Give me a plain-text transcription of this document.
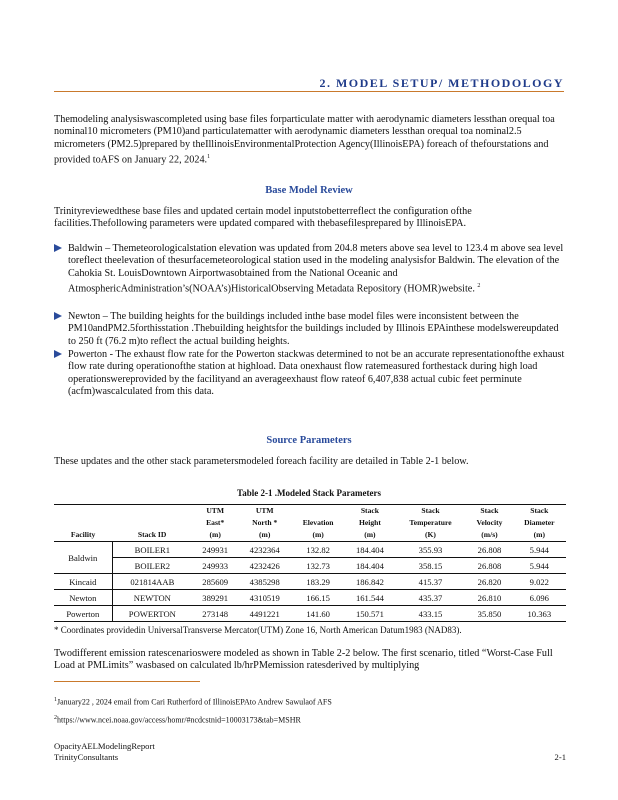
2. MODEL SETUP/ METHODOLOGY
Themodeling analysiswascompleted using base files forparticulate matter with aerodynamic diameters lessthan orequal toa nominal10 micrometers (PM10)and particulatematter with aerodynamic diameters lessthan orequal toa nominal2.5 micrometers (PM2.5)prepared by theIllinoisEnvironmentalProtection Agency(IllinoisEPA) foreach of thefourstations and provided toAFS on January 22, 2024.$^1$
Base Model Review
Trinityreviewedthese base files and updated certain model inputstobetterreflect the configuration ofthe facilities.Thefollowing parameters were updated compared with thebasefilesprepared by IllinoisEPA.
Baldwin – Themeteorologicalstation elevation was updated from 204.8 meters above sea level to 123.4 m above sea level toreflect theelevation of thesurfacemeteorological station used in the modeling analysisfor Baldwin. The elevation of the Cahokia St. LouisDowntown Airportwasobtained from the National Oceanic and AtmosphericAdministration’s(NOAA’s)HistoricalObserving Metadata Repository (HOMR)website. $^2$
Newton – The building heights for the buildings included inthe base model files were inconsistent between the PM10andPM2.5forthisstation .Thebuilding heightsfor the buildings included by Illinois EPAinthese modelswereupdated to 250 ft (76.2 m)to reflect the actual building heights.
Powerton - The exhaust flow rate for the Powerton stackwas determined to not be an accurate representationofthe exhaust flow rate during operationofthe station at highload. Data onexhaust flow ratemeasured forthestack during high load operationswereprovided by the facilityand an averageexhaust flow rateof 6,407,838 actual cubic feet perminute (acfm)wascalculated from this data.
Source Parameters
These updates and the other stack parametersmodeled foreach facility are detailed in Table 2-1 below.
Table 2-1 .Modeled Stack Parameters
		UTM	UTM		Stack	Stack	Stack	Stack
		East*	North *	Elevation	Height	Temperature	Velocity	Diameter
Facility	Stack ID	(m)	(m)	(m)	(m)	(K)	(m/s)	(m)
Baldwin	BOILER1	249931	4232364	132.82	184.404	355.93	26.808	5.944
	BOILER2	249933	4232426	132.73	184.404	358.15	26.808	5.944
Kincaid	021814AAB	285609	4385298	183.29	186.842	415.37	26.820	9.022
Newton	NEWTON	389291	4310519	166.15	161.544	435.37	26.810	6.096
Powerton	POWERTON	273148	4491221	141.60	150.571	433.15	35.850	10.363
* Coordinates providedin UniversalTransverse Mercator(UTM) Zone 16, North American Datum1983 (NAD83).
Twodifferent emission ratescenarioswere modeled as shown in Table 2-2 below. The first scenario, titled “Worst-Case Full Load at PMLimits” wasbased on calculated lb/hrPMemission ratesderived by multiplying
$^1$January22 , 2024 email from Cari Rutherford of IllinoisEPAto Andrew Sawulaof AFS
$^2$https://www.ncei.noaa.gov/access/homr/#ncdcstnid=10003173&tab=MSHR
OpacityAELModelingReport
TrinityConsultants	2-1
